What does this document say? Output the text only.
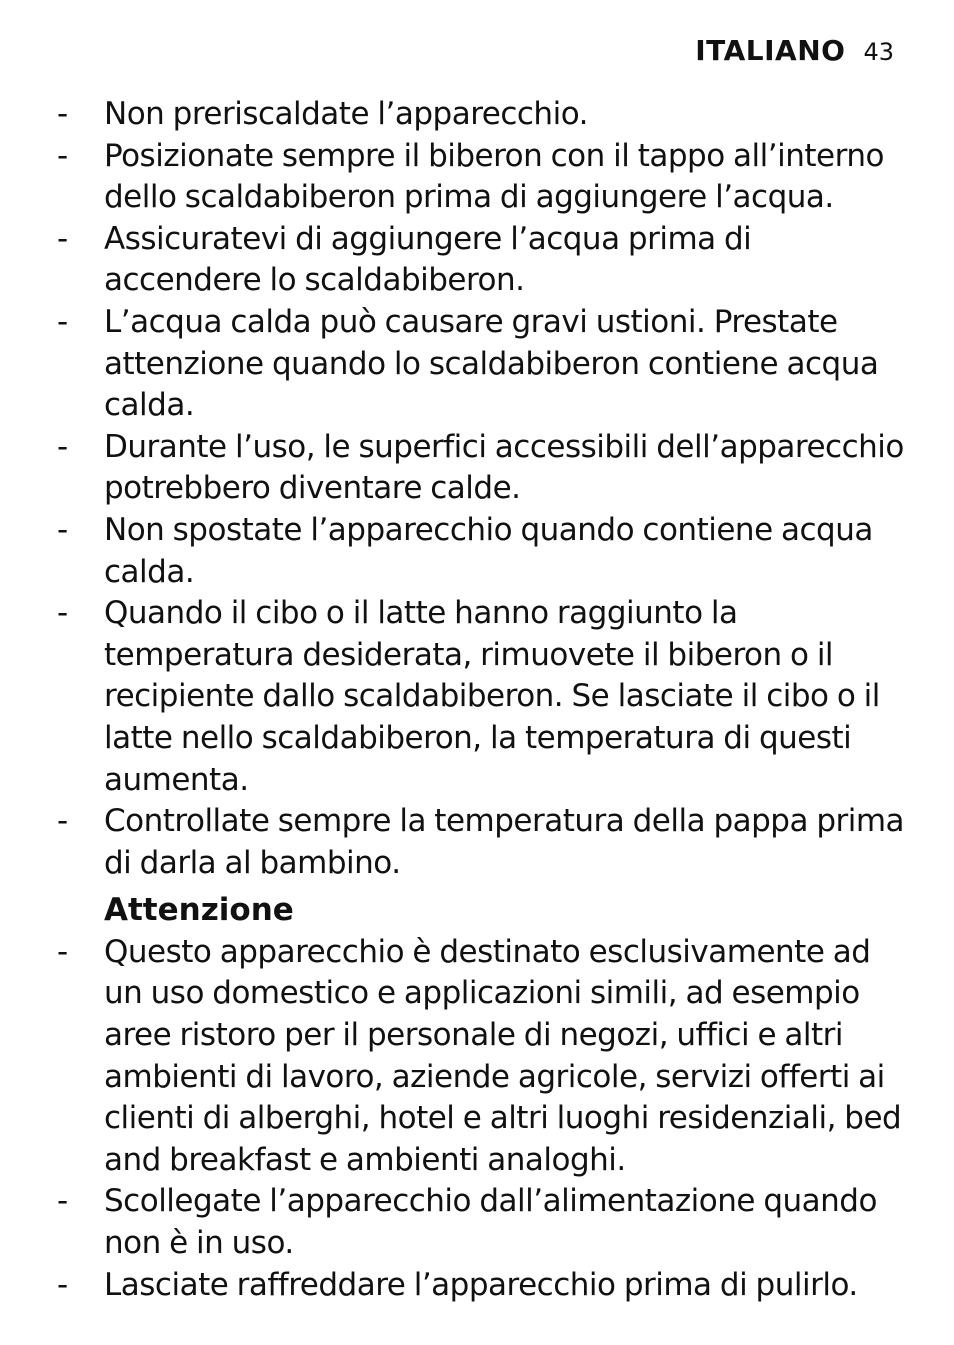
ITALIANO 43
-	Non preriscaldate l’apparecchio.
-	Posizionate sempre il biberon con il tappo all’interno dello scaldabiberon prima di aggiungere l’acqua.
-	Assicuratevi di aggiungere l’acqua prima di accendere lo scaldabiberon.
-	L’acqua calda può causare gravi ustioni. Prestate attenzione quando lo scaldabiberon contiene acqua calda.
-	Durante l’uso, le superfici accessibili dell’apparecchio potrebbero diventare calde.
-	Non spostate l’apparecchio quando contiene acqua calda.
-	Quando il cibo o il latte hanno raggiunto la temperatura desiderata, rimuovete il biberon o il recipiente dallo scaldabiberon. Se lasciate il cibo o il latte nello scaldabiberon, la temperatura di questi aumenta.
-	Controllate sempre la temperatura della pappa prima di darla al bambino.
Attenzione
-	Questo apparecchio è destinato esclusivamente ad un uso domestico e applicazioni simili, ad esempio aree ristoro per il personale di negozi, uffici e altri ambienti di lavoro, aziende agricole, servizi offerti ai clienti di alberghi, hotel e altri luoghi residenziali, bed and breakfast e ambienti analoghi.
-	Scollegate l’apparecchio dall’alimentazione quando non è in uso.
-	Lasciate raffreddare l’apparecchio prima di pulirlo.
